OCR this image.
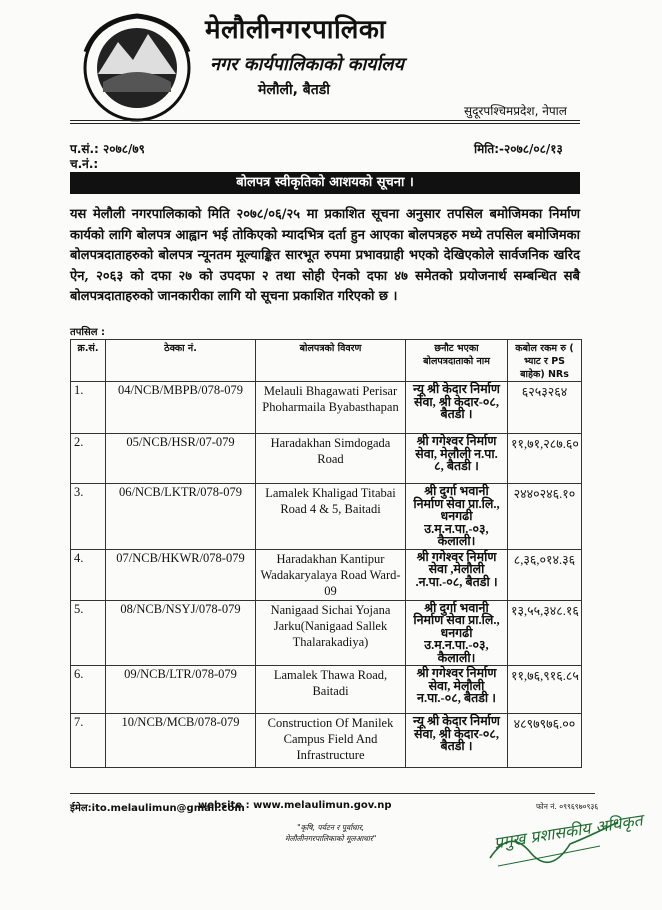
मेलौलीनगरपालिका
नगर कार्यपालिकाको कार्यालय
मेलौली, बैतडी
सुदूरपश्चिमप्रदेश, नेपाल
प.सं.: २०७८/७९
च.नं.:
मिति:-२०७८/०८/१३
बोलपत्र स्वीकृतिको आशयको सूचना ।
यस मेलौली नगरपालिकाको मिति २०७८/०६/२५ मा प्रकाशित सूचना अनुसार तपसिल बमोजिमका निर्माण कार्यको लागि बोलपत्र आह्वान भई तोकिएको म्यादभित्र दर्ता हुन आएका बोलपत्रहरु मध्ये तपसिल बमोजिमका बोलपत्रदाताहरुको बोलपत्र न्यूनतम मूल्याङ्कित सारभूत रुपमा प्रभावग्राही भएको देखिएकोले सार्वजनिक खरिद ऐन, २०६३ को दफा २७ को उपदफा २ तथा सोही ऐनको दफा ४७ समेतको प्रयोजनार्थ सम्बन्धित सबै बोलपत्रदाताहरुको जानकारीका लागि यो सूचना प्रकाशित गरिएको छ ।
तपसिल :
क्र.सं.	ठेक्का नं.	बोलपत्रको विवरण	छनौट भएका बोलपत्रदाताको नाम	कबोल रकम रु ( भ्याट र PS बाहेक) NRs
1.	04/NCB/MBPB/078-079	Melauli Bhagawati Perisar Phoharmaila Byabasthapan	न्यू श्री केदार निर्माण सेवा, श्री केदार-०८, बैतडी ।	६२५३२६४
2.	05/NCB/HSR/07-079	Haradakhan Simdogada Road	श्री गगेश्वर निर्माण सेवा, मेलौली न.पा. ८, बैतडी ।	११,७१,२८७.६०
3.	06/NCB/LKTR/078-079	Lamalek Khaligad Titabai Road 4 & 5, Baitadi	श्री दुर्गा भवानी निर्माण सेवा प्रा.लि., धनगढी उ.म.न.पा.-०३, कैलाली।	२४४०२४६.१०
4.	07/NCB/HKWR/078-079	Haradakhan Kantipur Wadakaryalaya Road Ward-09	श्री गगेश्वर निर्माण सेवा ,मेलौली .न.पा.-०८, बैतडी ।	८,३६,०१४.३६
5.	08/NCB/NSYJ/078-079	Nanigaad Sichai Yojana Jarku(Nanigaad Sallek Thalarakadiya)	श्री दुर्गा भवानी निर्माण सेवा प्रा.लि., धनगढी उ.म.न.पा.-०३, कैलाली।	१३,५५,३४८.१६
6.	09/NCB/LTR/078-079	Lamalek Thawa Road, Baitadi	श्री गगेश्वर निर्माण सेवा, मेलौली न.पा.-०८, बैतडी ।	११,७६,९१६.८५
7.	10/NCB/MCB/078-079	Construction Of Manilek Campus Field And Infrastructure	न्यू श्री केदार निर्माण सेवा, श्री केदार-०८, बैतडी ।	४८९७९७६.००
ईमेल:ito.melaulimun@gmail.com
website : www.melaulimun.gov.np	फोन नं. ०९९६९७०९३६
"कृषि, पर्यटन र पूर्वाधार,
मेलौलीनगरपालिकाको मूलआधार"	प्रमुख प्रशासकीय अधिकृत
